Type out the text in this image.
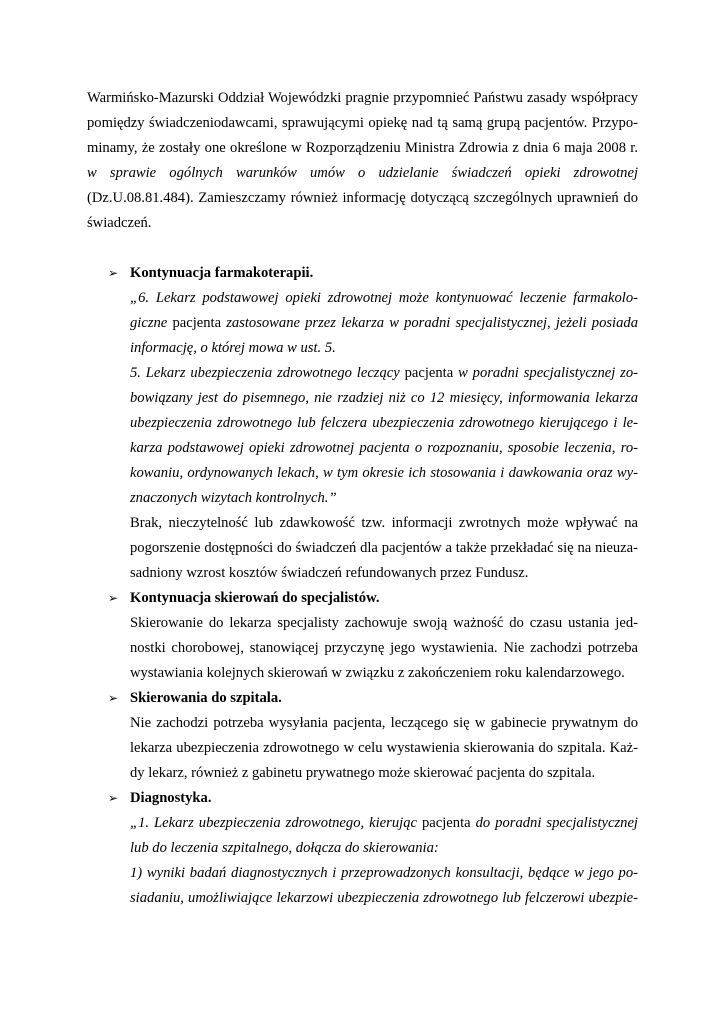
Warmińsko-Mazurski Oddział Wojewódzki pragnie przypomnieć Państwu zasady współpracy
pomiędzy świadczeniodawcami, sprawującymi opiekę nad tą samą grupą pacjentów. Przypo-
minamy, że zostały one określone w Rozporządzeniu Ministra Zdrowia z dnia 6 maja 2008 r.
w sprawie ogólnych warunków umów o udzielanie świadczeń opieki zdrowotnej
(Dz.U.08.81.484). Zamieszczamy również informację dotyczącą szczególnych uprawnień do
świadczeń.
➢ Kontynuacja farmakoterapii.
„6. Lekarz podstawowej opieki zdrowotnej może kontynuować leczenie farmakolo-
giczne pacjenta zastosowane przez lekarza w poradni specjalistycznej, jeżeli posiada
informację, o której mowa w ust. 5.
5. Lekarz ubezpieczenia zdrowotnego leczący pacjenta w poradni specjalistycznej zo-
bowiązany jest do pisemnego, nie rzadziej niż co 12 miesięcy, informowania lekarza
ubezpieczenia zdrowotnego lub felczera ubezpieczenia zdrowotnego kierującego i le-
karza podstawowej opieki zdrowotnej pacjenta o rozpoznaniu, sposobie leczenia, ro-
kowaniu, ordynowanych lekach, w tym okresie ich stosowania i dawkowania oraz wy-
znaczonych wizytach kontrolnych.”
Brak, nieczytelność lub zdawkowość tzw. informacji zwrotnych może wpływać na
pogorszenie dostępności do świadczeń dla pacjentów a także przekładać się na nieuza-
sadniony wzrost kosztów świadczeń refundowanych przez Fundusz.
➢ Kontynuacja skierowań do specjalistów.
Skierowanie do lekarza specjalisty zachowuje swoją ważność do czasu ustania jed-
nostki chorobowej, stanowiącej przyczynę jego wystawienia. Nie zachodzi potrzeba
wystawiania kolejnych skierowań w związku z zakończeniem roku kalendarzowego.
➢ Skierowania do szpitala.
Nie zachodzi potrzeba wysyłania pacjenta, leczącego się w gabinecie prywatnym do
lekarza ubezpieczenia zdrowotnego w celu wystawienia skierowania do szpitala. Każ-
dy lekarz, również z gabinetu prywatnego może skierować pacjenta do szpitala.
➢ Diagnostyka.
„1. Lekarz ubezpieczenia zdrowotnego, kierując pacjenta do poradni specjalistycznej
lub do leczenia szpitalnego, dołącza do skierowania:
1) wyniki badań diagnostycznych i przeprowadzonych konsultacji, będące w jego po-
siadaniu, umożliwiające lekarzowi ubezpieczenia zdrowotnego lub felczerowi ubezpie-
